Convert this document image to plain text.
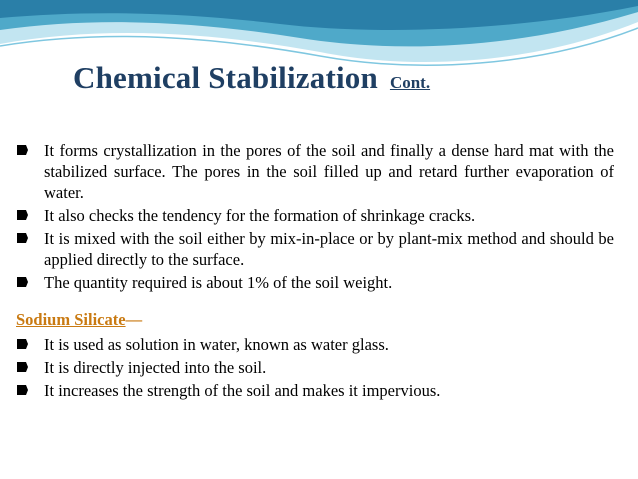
Chemical Stabilization Cont.
It forms crystallization in the pores of the soil and finally a dense hard mat with the stabilized surface. The pores in the soil filled up and retard further evaporation of water.
It also checks the tendency for the formation of shrinkage cracks.
It is mixed with the soil either by mix-in-place or by plant-mix method and should be applied directly to the surface.
The quantity required is about 1% of the soil weight.
Sodium Silicate—
It is used as solution in water, known as water glass.
It is directly injected into the soil.
It increases the strength of the soil and makes it impervious.
